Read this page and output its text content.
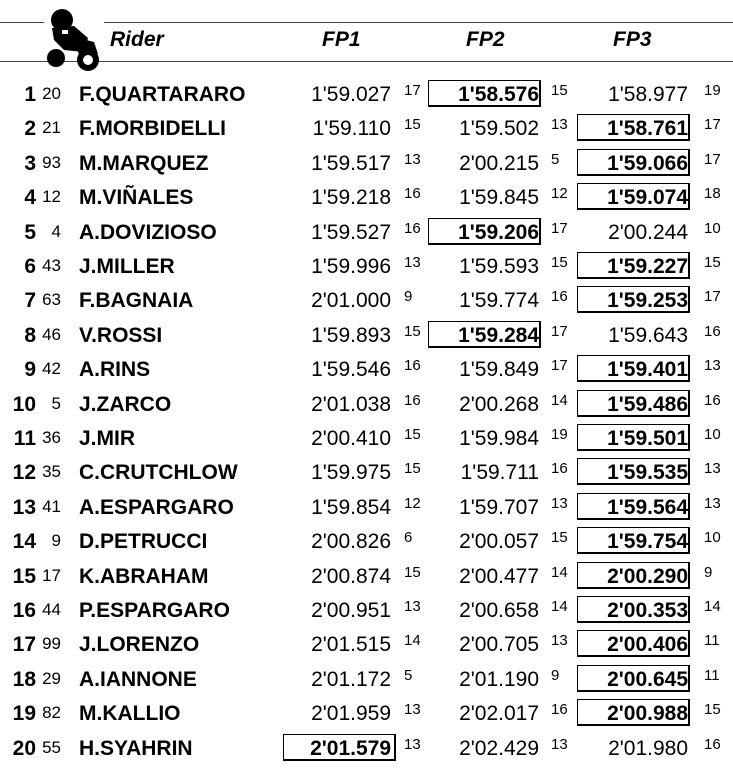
Rider	FP1	FP2	FP3
1 20 F.QUARTARARO	1'59.027 17 1'58.576 15 1'58.977 19
2 21 F.MORBIDELLI	1'59.110 15 1'59.502 13 1'58.761 17
3 93 M.MARQUEZ	1'59.517 13 2'00.215 5 1'59.066 17
4 12 M.VIÑALES	1'59.218 16 1'59.845 12 1'59.074 18
5 4 A.DOVIZIOSO	1'59.527 16 1'59.206 17 2'00.244 10
6 43 J.MILLER	1'59.996 13 1'59.593 15 1'59.227 15
7 63 F.BAGNAIA	2'01.000 9 1'59.774 16 1'59.253 17
8 46 V.ROSSI	1'59.893 15 1'59.284 17 1'59.643 16
9 42 A.RINS	1'59.546 16 1'59.849 17 1'59.401 13
10 5 J.ZARCO	2'01.038 16 2'00.268 14 1'59.486 16
11 36 J.MIR	2'00.410 15 1'59.984 19 1'59.501 10
12 35 C.CRUTCHLOW	1'59.975 15 1'59.711 16 1'59.535 13
13 41 A.ESPARGARO	1'59.854 12 1'59.707 13 1'59.564 13
14 9 D.PETRUCCI	2'00.826 6 2'00.057 15 1'59.754 10
15 17 K.ABRAHAM	2'00.874 15 2'00.477 14 2'00.290 9
16 44 P.ESPARGARO	2'00.951 13 2'00.658 14 2'00.353 14
17 99 J.LORENZO	2'01.515 14 2'00.705 13 2'00.406 11
18 29 A.IANNONE	2'01.172 5 2'01.190 9 2'00.645 11
19 82 M.KALLIO	2'01.959 13 2'02.017 16 2'00.988 15
20 55 H.SYAHRIN	2'01.579 13 2'02.429 13 2'01.980 16
